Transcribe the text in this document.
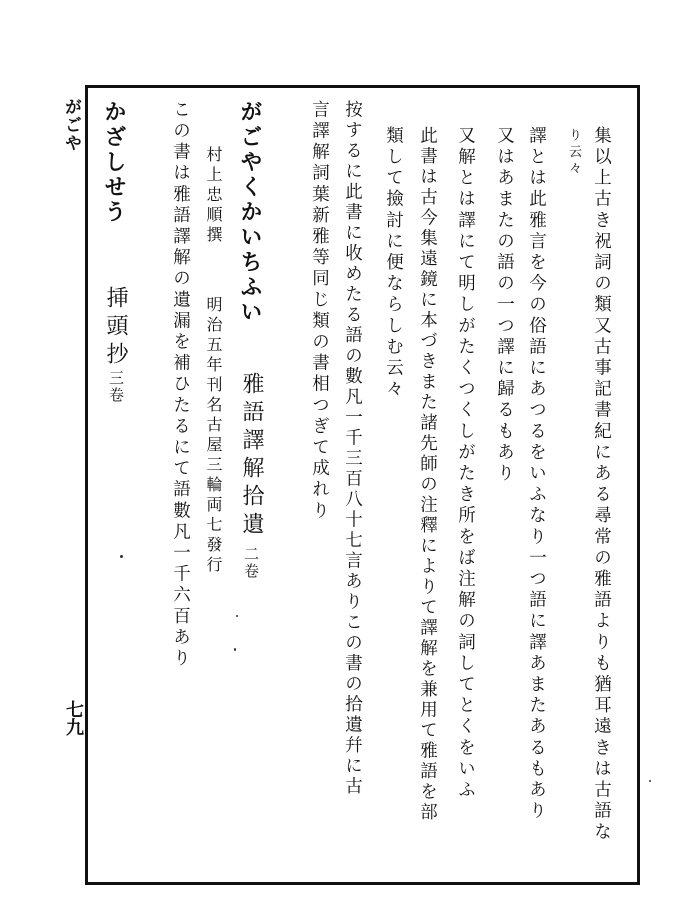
がごや
七九	集以上古き祝詞の類又古事記書紀にある尋常の雅語よりも猶耳遠きは古語な
り云々
譯とは此雅言を今の俗語にあつるをいふなり一つ語に譯あまたあるもあり
又はあまたの語の一つ譯に歸るもあり
又解とは譯にて明しがたくつくしがたき所をば注解の詞してとくをいふ
此書は古今集遠鏡に本づきまた諸先師の注釋によりて譯解を兼用て雅語を部
類して撿討に便ならしむ云々
按するに此書に收めたる語の數凡一千三百八十七言ありこの書の拾遺幷に古
言譯解詞葉新雅等同じ類の書相つぎて成れり
がごやくかいちふい
雅語譯解拾遺
二卷
村上忠順撰
明治五年刊名古屋三輪両七發行
この書は雅語譯解の遺漏を補ひたるにて語數凡一千六百あり
かざしせう
挿頭抄
三卷
